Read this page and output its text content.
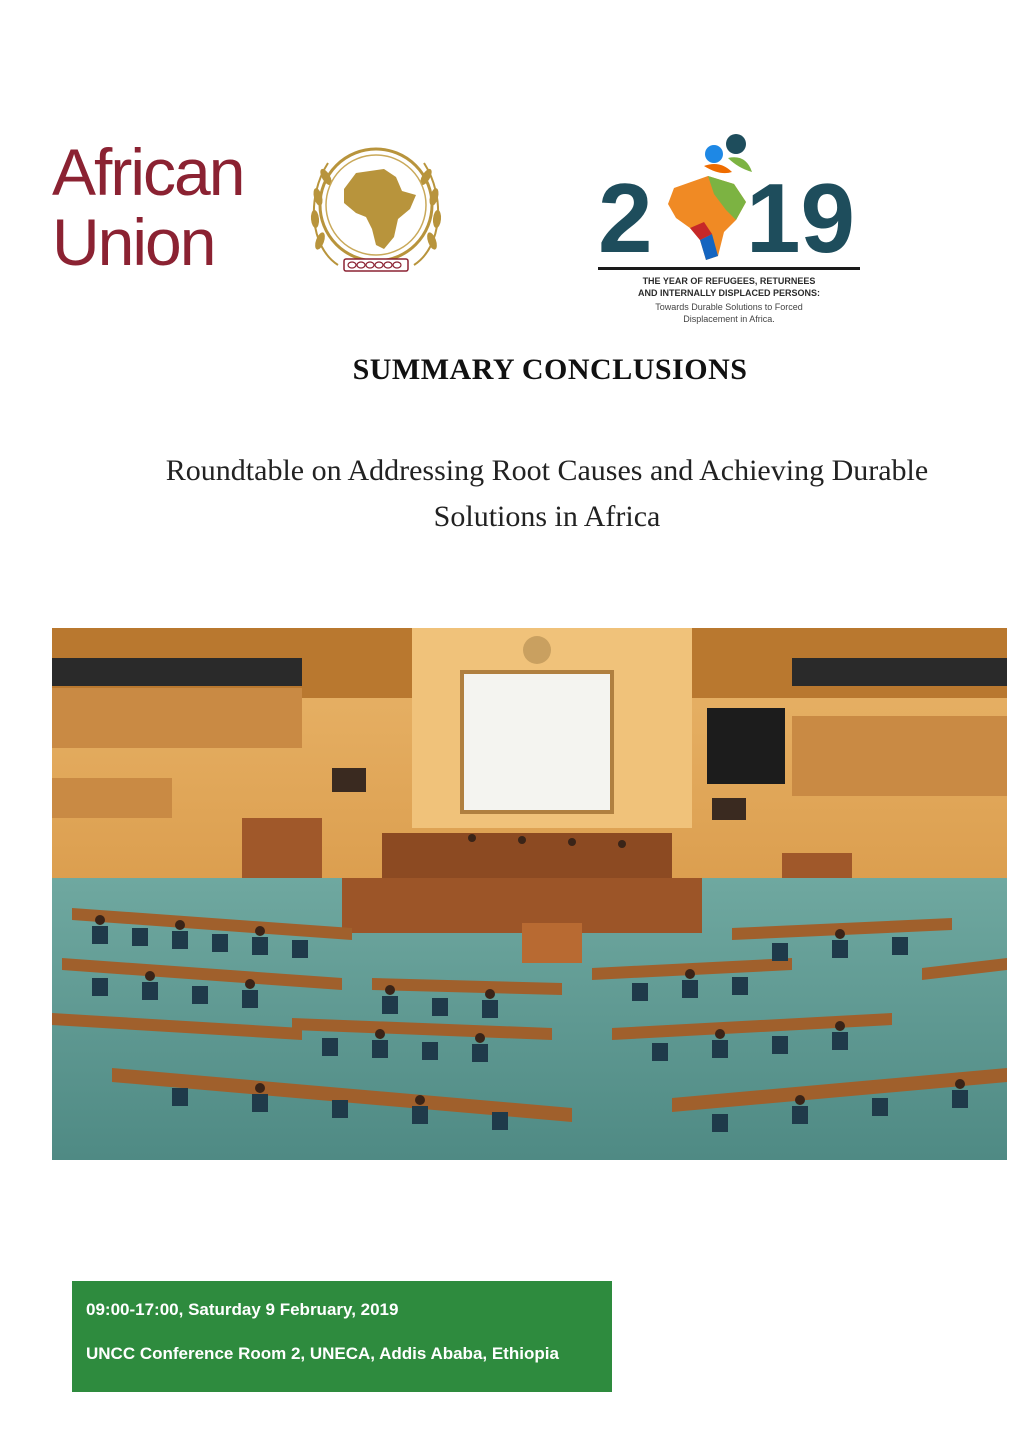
African
Union	2 19
THE YEAR OF REFUGEES, RETURNEES
AND INTERNALLY DISPLACED PERSONS:
Towards Durable Solutions to Forced
Displacement in Africa.
SUMMARY CONCLUSIONS
Roundtable on Addressing Root Causes and Achieving Durable
Solutions in Africa
09:00-17:00, Saturday 9 February, 2019
UNCC Conference Room 2, UNECA, Addis Ababa, Ethiopia
